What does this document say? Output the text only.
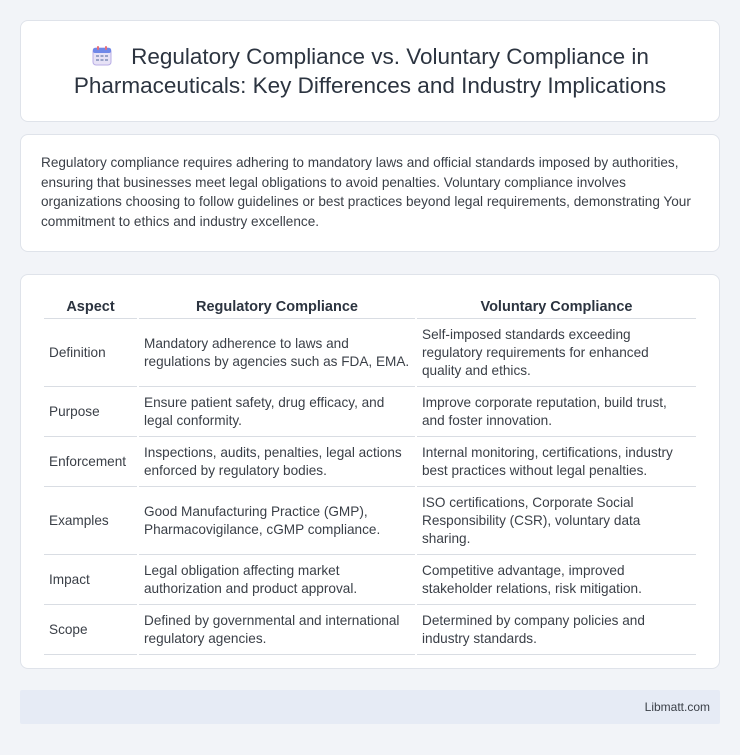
Regulatory Compliance vs. Voluntary Compliance in Pharmaceuticals: Key Differences and Industry Implications

Regulatory compliance requires adhering to mandatory laws and official standards imposed by authorities, ensuring that businesses meet legal obligations to avoid penalties. Voluntary compliance involves organizations choosing to follow guidelines or best practices beyond legal requirements, demonstrating Your commitment to ethics and industry excellence.

Aspect	Regulatory Compliance	Voluntary Compliance
Definition	Mandatory adherence to laws and regulations by agencies such as FDA, EMA.	Self-imposed standards exceeding regulatory requirements for enhanced quality and ethics.
Purpose	Ensure patient safety, drug efficacy, and legal conformity.	Improve corporate reputation, build trust, and foster innovation.
Enforcement	Inspections, audits, penalties, legal actions enforced by regulatory bodies.	Internal monitoring, certifications, industry best practices without legal penalties.
Examples	Good Manufacturing Practice (GMP), Pharmacovigilance, cGMP compliance.	ISO certifications, Corporate Social Responsibility (CSR), voluntary data sharing.
Impact	Legal obligation affecting market authorization and product approval.	Competitive advantage, improved stakeholder relations, risk mitigation.
Scope	Defined by governmental and international regulatory agencies.	Determined by company policies and industry standards.
Libmatt.com
